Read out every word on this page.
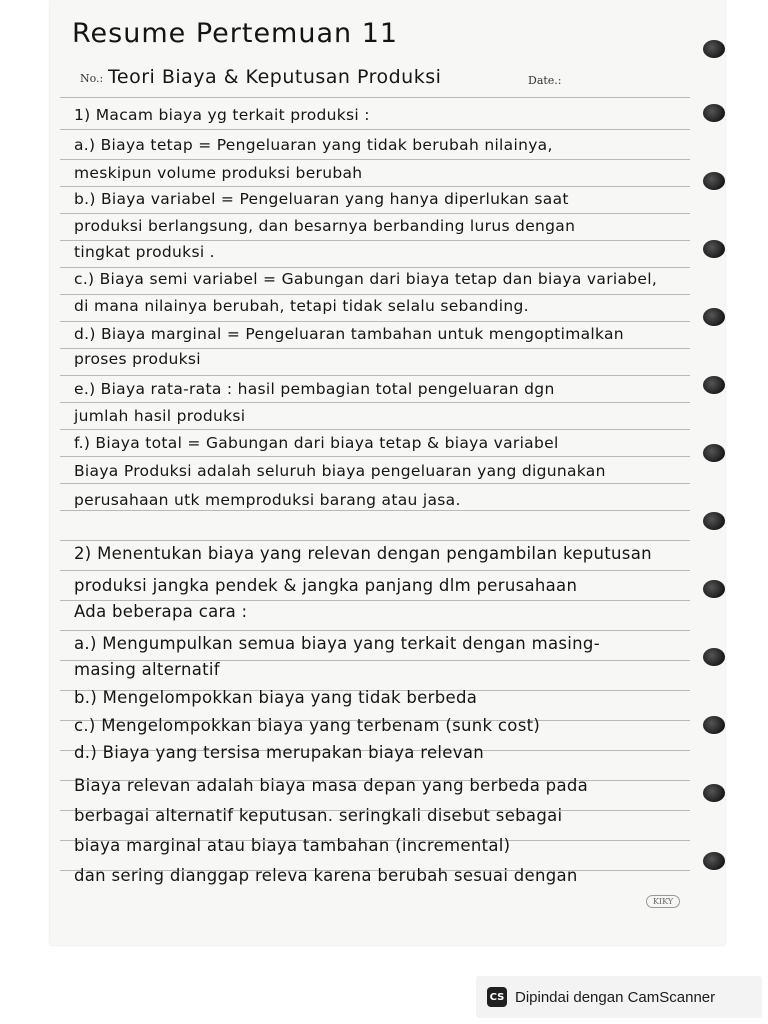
Resume Pertemuan 11
No.: Teori Biaya & Keputusan Produksi	Date.:
1) Macam biaya yg terkait produksi :
a.) Biaya tetap = Pengeluaran yang tidak berubah nilainya,
meskipun volume produksi berubah
b.) Biaya variabel = Pengeluaran yang hanya diperlukan saat
produksi berlangsung, dan besarnya berbanding lurus dengan
tingkat produksi .
c.) Biaya semi variabel = Gabungan dari biaya tetap dan biaya variabel,
di mana nilainya berubah, tetapi tidak selalu sebanding.
d.) Biaya marginal = Pengeluaran tambahan untuk mengoptimalkan
proses produksi
e.) Biaya rata-rata : hasil pembagian total pengeluaran dgn
jumlah hasil produksi
f.) Biaya total = Gabungan dari biaya tetap & biaya variabel
Biaya Produksi adalah seluruh biaya pengeluaran yang digunakan
perusahaan utk memproduksi barang atau jasa.
2) Menentukan biaya yang relevan dengan pengambilan keputusan
produksi jangka pendek & jangka panjang dlm perusahaan
Ada beberapa cara :
a.) Mengumpulkan semua biaya yang terkait dengan masing-
masing alternatif
b.) Mengelompokkan biaya yang tidak berbeda
c.) Mengelompokkan biaya yang terbenam (sunk cost)
d.) Biaya yang tersisa merupakan biaya relevan
Biaya relevan adalah biaya masa depan yang berbeda pada
berbagai alternatif keputusan. seringkali disebut sebagai
biaya marginal atau biaya tambahan (incremental)
dan sering dianggap releva karena berubah sesuai dengan
KIKY
CS Dipindai dengan CamScanner
